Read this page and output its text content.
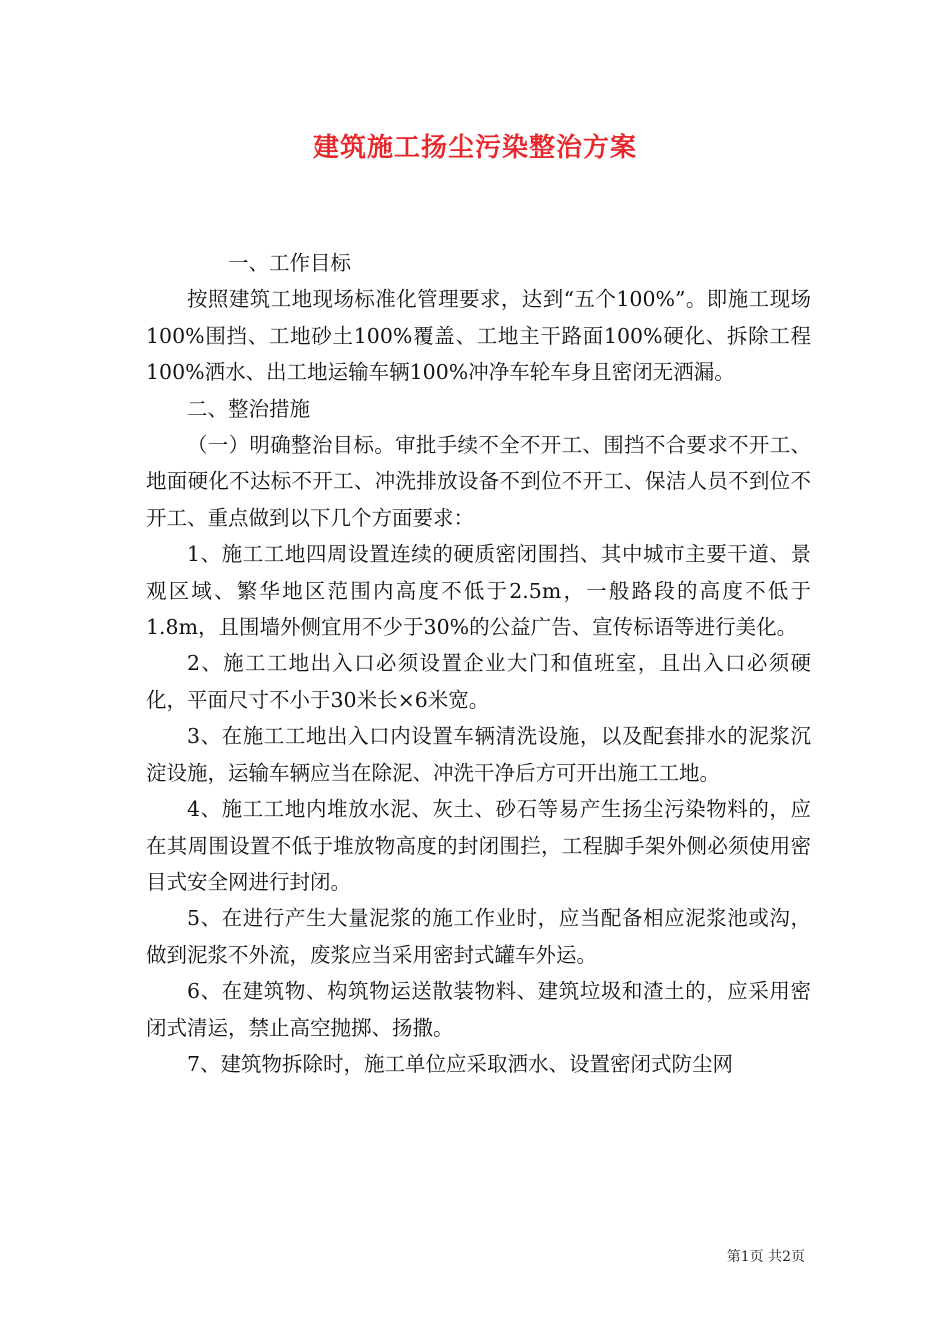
建筑施工扬尘污染整治方案

一、工作目标

按照建筑工地现场标准化管理要求，达到“五个100%”。即施工现场100%围挡、工地砂土100%覆盖、工地主干路面100%硬化、拆除工程100%洒水、出工地运输车辆100%冲净车轮车身且密闭无洒漏。

二、整治措施

（一）明确整治目标。审批手续不全不开工、围挡不合要求不开工、地面硬化不达标不开工、冲洗排放设备不到位不开工、保洁人员不到位不开工、重点做到以下几个方面要求：

1、施工工地四周设置连续的硬质密闭围挡、其中城市主要干道、景观区域、繁华地区范围内高度不低于2.5m，一般路段的高度不低于1.8m，且围墙外侧宜用不少于30%的公益广告、宣传标语等进行美化。

2、施工工地出入口必须设置企业大门和值班室，且出入口必须硬化，平面尺寸不小于30米长×6米宽。

3、在施工工地出入口内设置车辆清洗设施，以及配套排水的泥浆沉淀设施，运输车辆应当在除泥、冲洗干净后方可开出施工工地。

4、施工工地内堆放水泥、灰土、砂石等易产生扬尘污染物料的，应在其周围设置不低于堆放物高度的封闭围拦，工程脚手架外侧必须使用密目式安全网进行封闭。

5、在进行产生大量泥浆的施工作业时，应当配备相应泥浆池或沟，做到泥浆不外流，废浆应当采用密封式罐车外运。

6、在建筑物、构筑物运送散装物料、建筑垃圾和渣土的，应采用密闭式清运，禁止高空抛掷、扬撒。

7、建筑物拆除时，施工单位应采取洒水、设置密闭式防尘网

第1页 共2页
